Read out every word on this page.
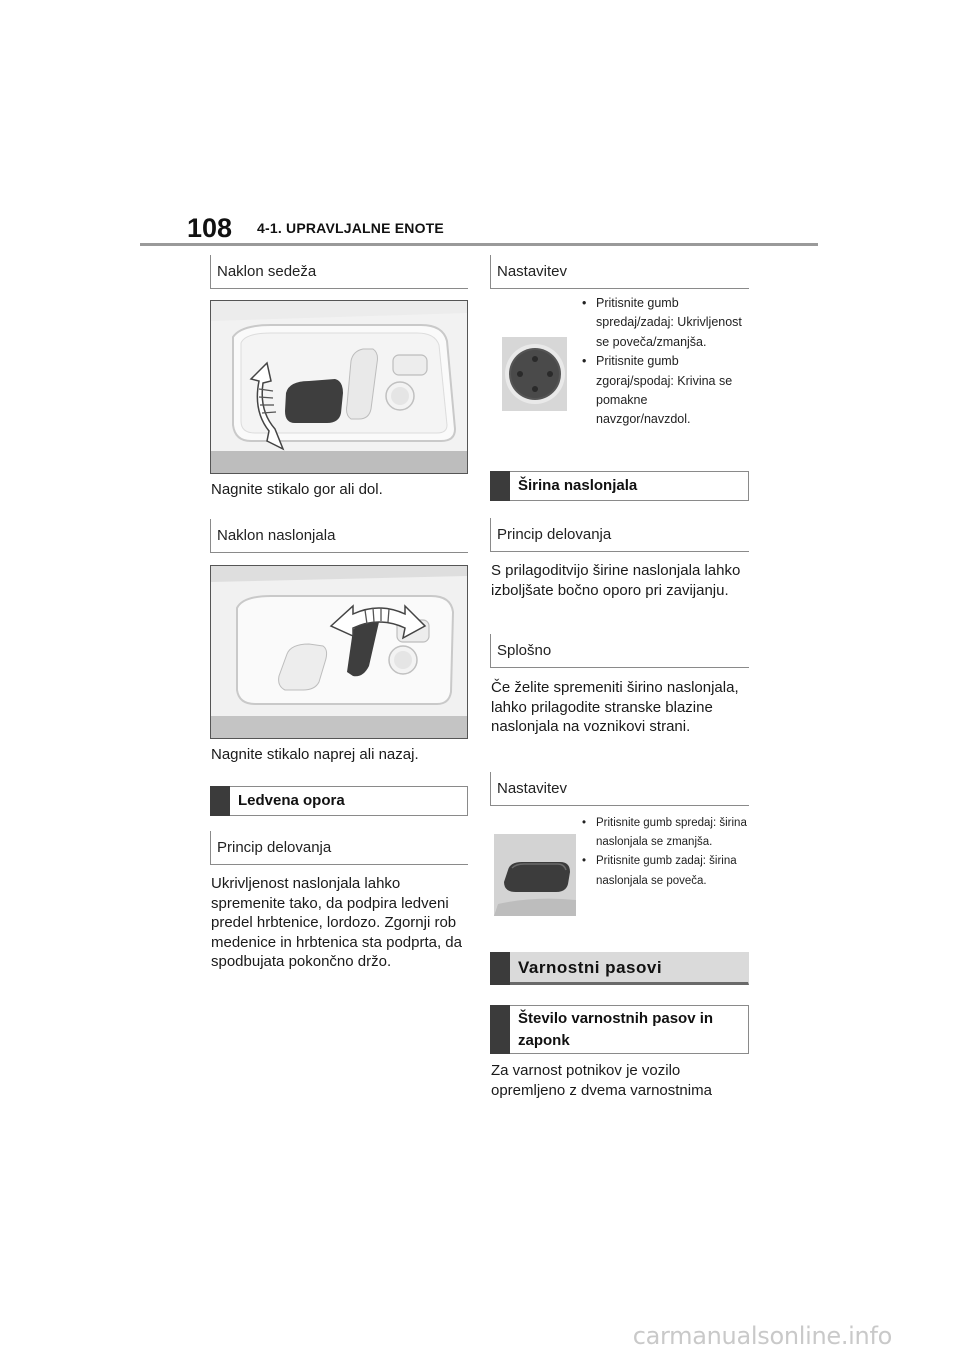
108 4-1. UPRAVLJALNE ENOTE
Naklon sedeža
Nagnite stikalo gor ali dol.
Naklon naslonjala
Nagnite stikalo naprej ali nazaj.
Ledvena opora
Princip delovanja
Ukrivljenost naslonjala lahko spremenite tako, da podpira ledveni predel hrbtenice, lordozo. Zgornji rob medenice in hrbtenica sta podprta, da spodbujata pokončno držo.
Nastavitev
• Pritisnite gumb spredaj/zadaj: Ukrivljenost se poveča/zmanjša.
• Pritisnite gumb zgoraj/spodaj: Krivina se pomakne navzgor/navzdol.
Širina naslonjala
Princip delovanja
S prilagoditvijo širine naslonjala lahko izboljšate bočno oporo pri zavijanju.
Splošno
Če želite spremeniti širino naslonjala, lahko prilagodite stranske blazine naslonjala na voznikovi strani.
Nastavitev
• Pritisnite gumb spredaj: širina naslonjala se zmanjša.
• Pritisnite gumb zadaj: širina naslonjala se poveča.
Varnostni pasovi
Število varnostnih pasov in zaponk
Za varnost potnikov je vozilo opremljeno z dvema varnostnima
carmanualsonline.info
